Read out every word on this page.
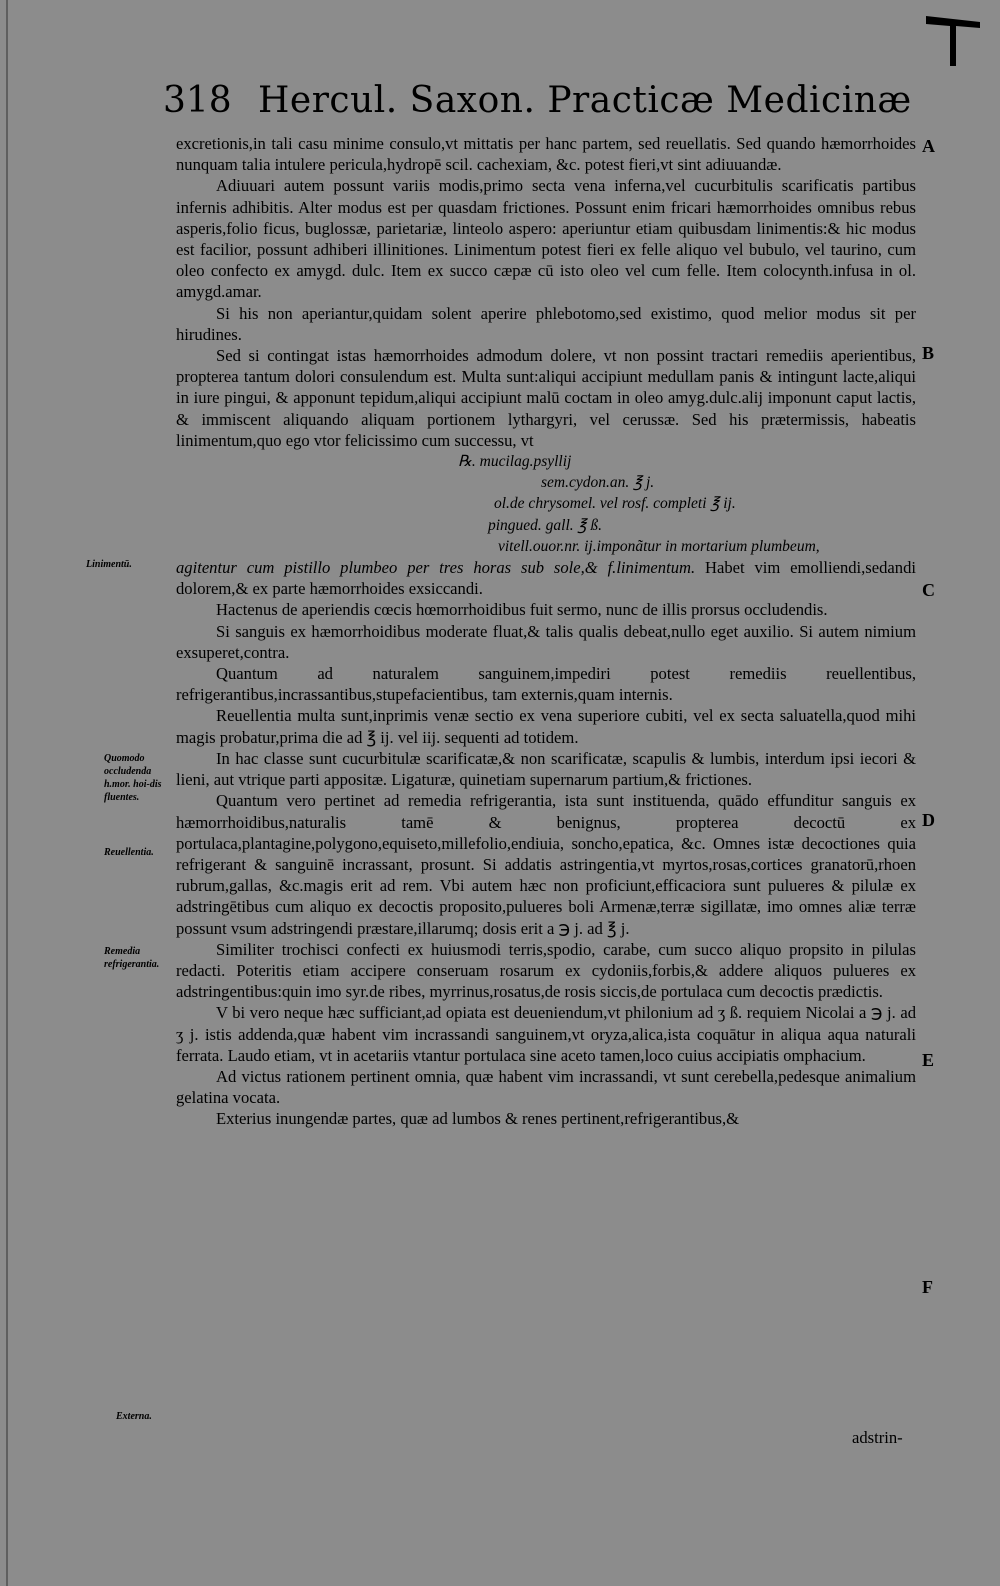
318 Hercul. Saxon. Practicæ Medicinæ
A
B
C
D
E
F
Linimentū.
Quomodo occludenda h.mor. hoi-dis fluentes.
Reuellentia.
Remedia refrigerantia.
Externa.

excretionis,in tali casu minime consulo,vt mittatis per hanc partem, sed reuellatis. Sed quando hæmorrhoides nunquam talia intulere pericula,hydropē scil. cachexiam, &c. potest fieri,vt sint adiuuandæ.

Adiuuari autem possunt variis modis,primo secta vena inferna,vel cucurbitulis scarificatis partibus infernis adhibitis. Alter modus est per quasdam frictiones. Possunt enim fricari hæmorrhoides omnibus rebus asperis,folio ficus, buglossæ, parietariæ, linteolo aspero: aperiuntur etiam quibusdam linimentis:& hic modus est facilior, possunt adhiberi illinitiones. Linimentum potest fieri ex felle aliquo vel bubulo, vel taurino, cum oleo confecto ex amygd. dulc. Item ex succo cæpæ cū isto oleo vel cum felle. Item colocynth.infusa in ol. amygd.amar.

Si his non aperiantur,quidam solent aperire phlebotomo,sed existimo, quod melior modus sit per hirudines.

Sed si contingat istas hæmorrhoides admodum dolere, vt non possint tractari remediis aperientibus, propterea tantum dolori consulendum est. Multa sunt:aliqui accipiunt medullam panis & intingunt lacte,aliqui in iure pingui, & apponunt tepidum,aliqui accipiunt malū coctam in oleo amyg.dulc.alij imponunt caput lactis, & immiscent aliquando aliquam portionem lythargyri, vel cerussæ. Sed his prætermissis, habeatis linimentum,quo ego vtor felicissimo cum successu, vt

℞. mucilag.psyllij
sem.cydon.an. ℥ j.
ol.de chrysomel. vel rosf. completi ℥ ij.
pingued. gall. ℥ ß.
vitell.ouor.nr. ij.imponãtur in mortarium plumbeum,

agitentur cum pistillo plumbeo per tres horas sub sole,& f.linimentum. Habet vim emolliendi,sedandi dolorem,& ex parte hæmorrhoides exsiccandi.

Hactenus de aperiendis cœcis hœmorrhoidibus fuit sermo, nunc de illis prorsus occludendis.

Si sanguis ex hæmorrhoidibus moderate fluat,& talis qualis debeat,nullo eget auxilio. Si autem nimium exsuperet,contra.

Quantum ad naturalem sanguinem,impediri potest remediis reuellentibus, refrigerantibus,incrassantibus,stupefacientibus, tam externis,quam internis.

Reuellentia multa sunt,inprimis venæ sectio ex vena superiore cubiti, vel ex secta saluatella,quod mihi magis probatur,prima die ad ℥ ij. vel iij. sequenti ad totidem.

In hac classe sunt cucurbitulæ scarificatæ,& non scarificatæ, scapulis & lumbis, interdum ipsi iecori & lieni, aut vtrique parti appositæ. Ligaturæ, quinetiam supernarum partium,& frictiones.

Quantum vero pertinet ad remedia refrigerantia, ista sunt instituenda, quādo effunditur sanguis ex hæmorrhoidibus,naturalis tamē & benignus, propterea decoctū ex portulaca,plantagine,polygono,equiseto,millefolio,endiuia, soncho,epatica, &c. Omnes istæ decoctiones quia refrigerant & sanguinē incrassant, prosunt. Si addatis astringentia,vt myrtos,rosas,cortices granatorū,rhoen rubrum,gallas, &c.magis erit ad rem. Vbi autem hæc non proficiunt,efficaciora sunt pulueres & pilulæ ex adstringētibus cum aliquo ex decoctis proposito,pulueres boli Armenæ,terræ sigillatæ, imo omnes aliæ terræ possunt vsum adstringendi præstare,illarumq; dosis erit a ℈ j. ad ℥ j.

Similiter trochisci confecti ex huiusmodi terris,spodio, carabe, cum succo aliquo propsito in pilulas redacti. Poteritis etiam accipere conseruam rosarum ex cydoniis,forbis,& addere aliquos pulueres ex adstringentibus:quin imo syr.de ribes, myrrinus,rosatus,de rosis siccis,de portulaca cum decoctis prædictis.

V bi vero neque hæc sufficiant,ad opiata est deueniendum,vt philonium ad ʒ ß. requiem Nicolai a ℈ j. ad ʒ j. istis addenda,quæ habent vim incrassandi sanguinem,vt oryza,alica,ista coquātur in aliqua aqua naturali ferrata. Laudo etiam, vt in acetariis vtantur portulaca sine aceto tamen,loco cuius accipiatis omphacium.

Ad victus rationem pertinent omnia, quæ habent vim incrassandi, vt sunt cerebella,pedesque animalium gelatina vocata.

Exterius inungendæ partes, quæ ad lumbos & renes pertinent,refrigerantibus,&

adstrin-
